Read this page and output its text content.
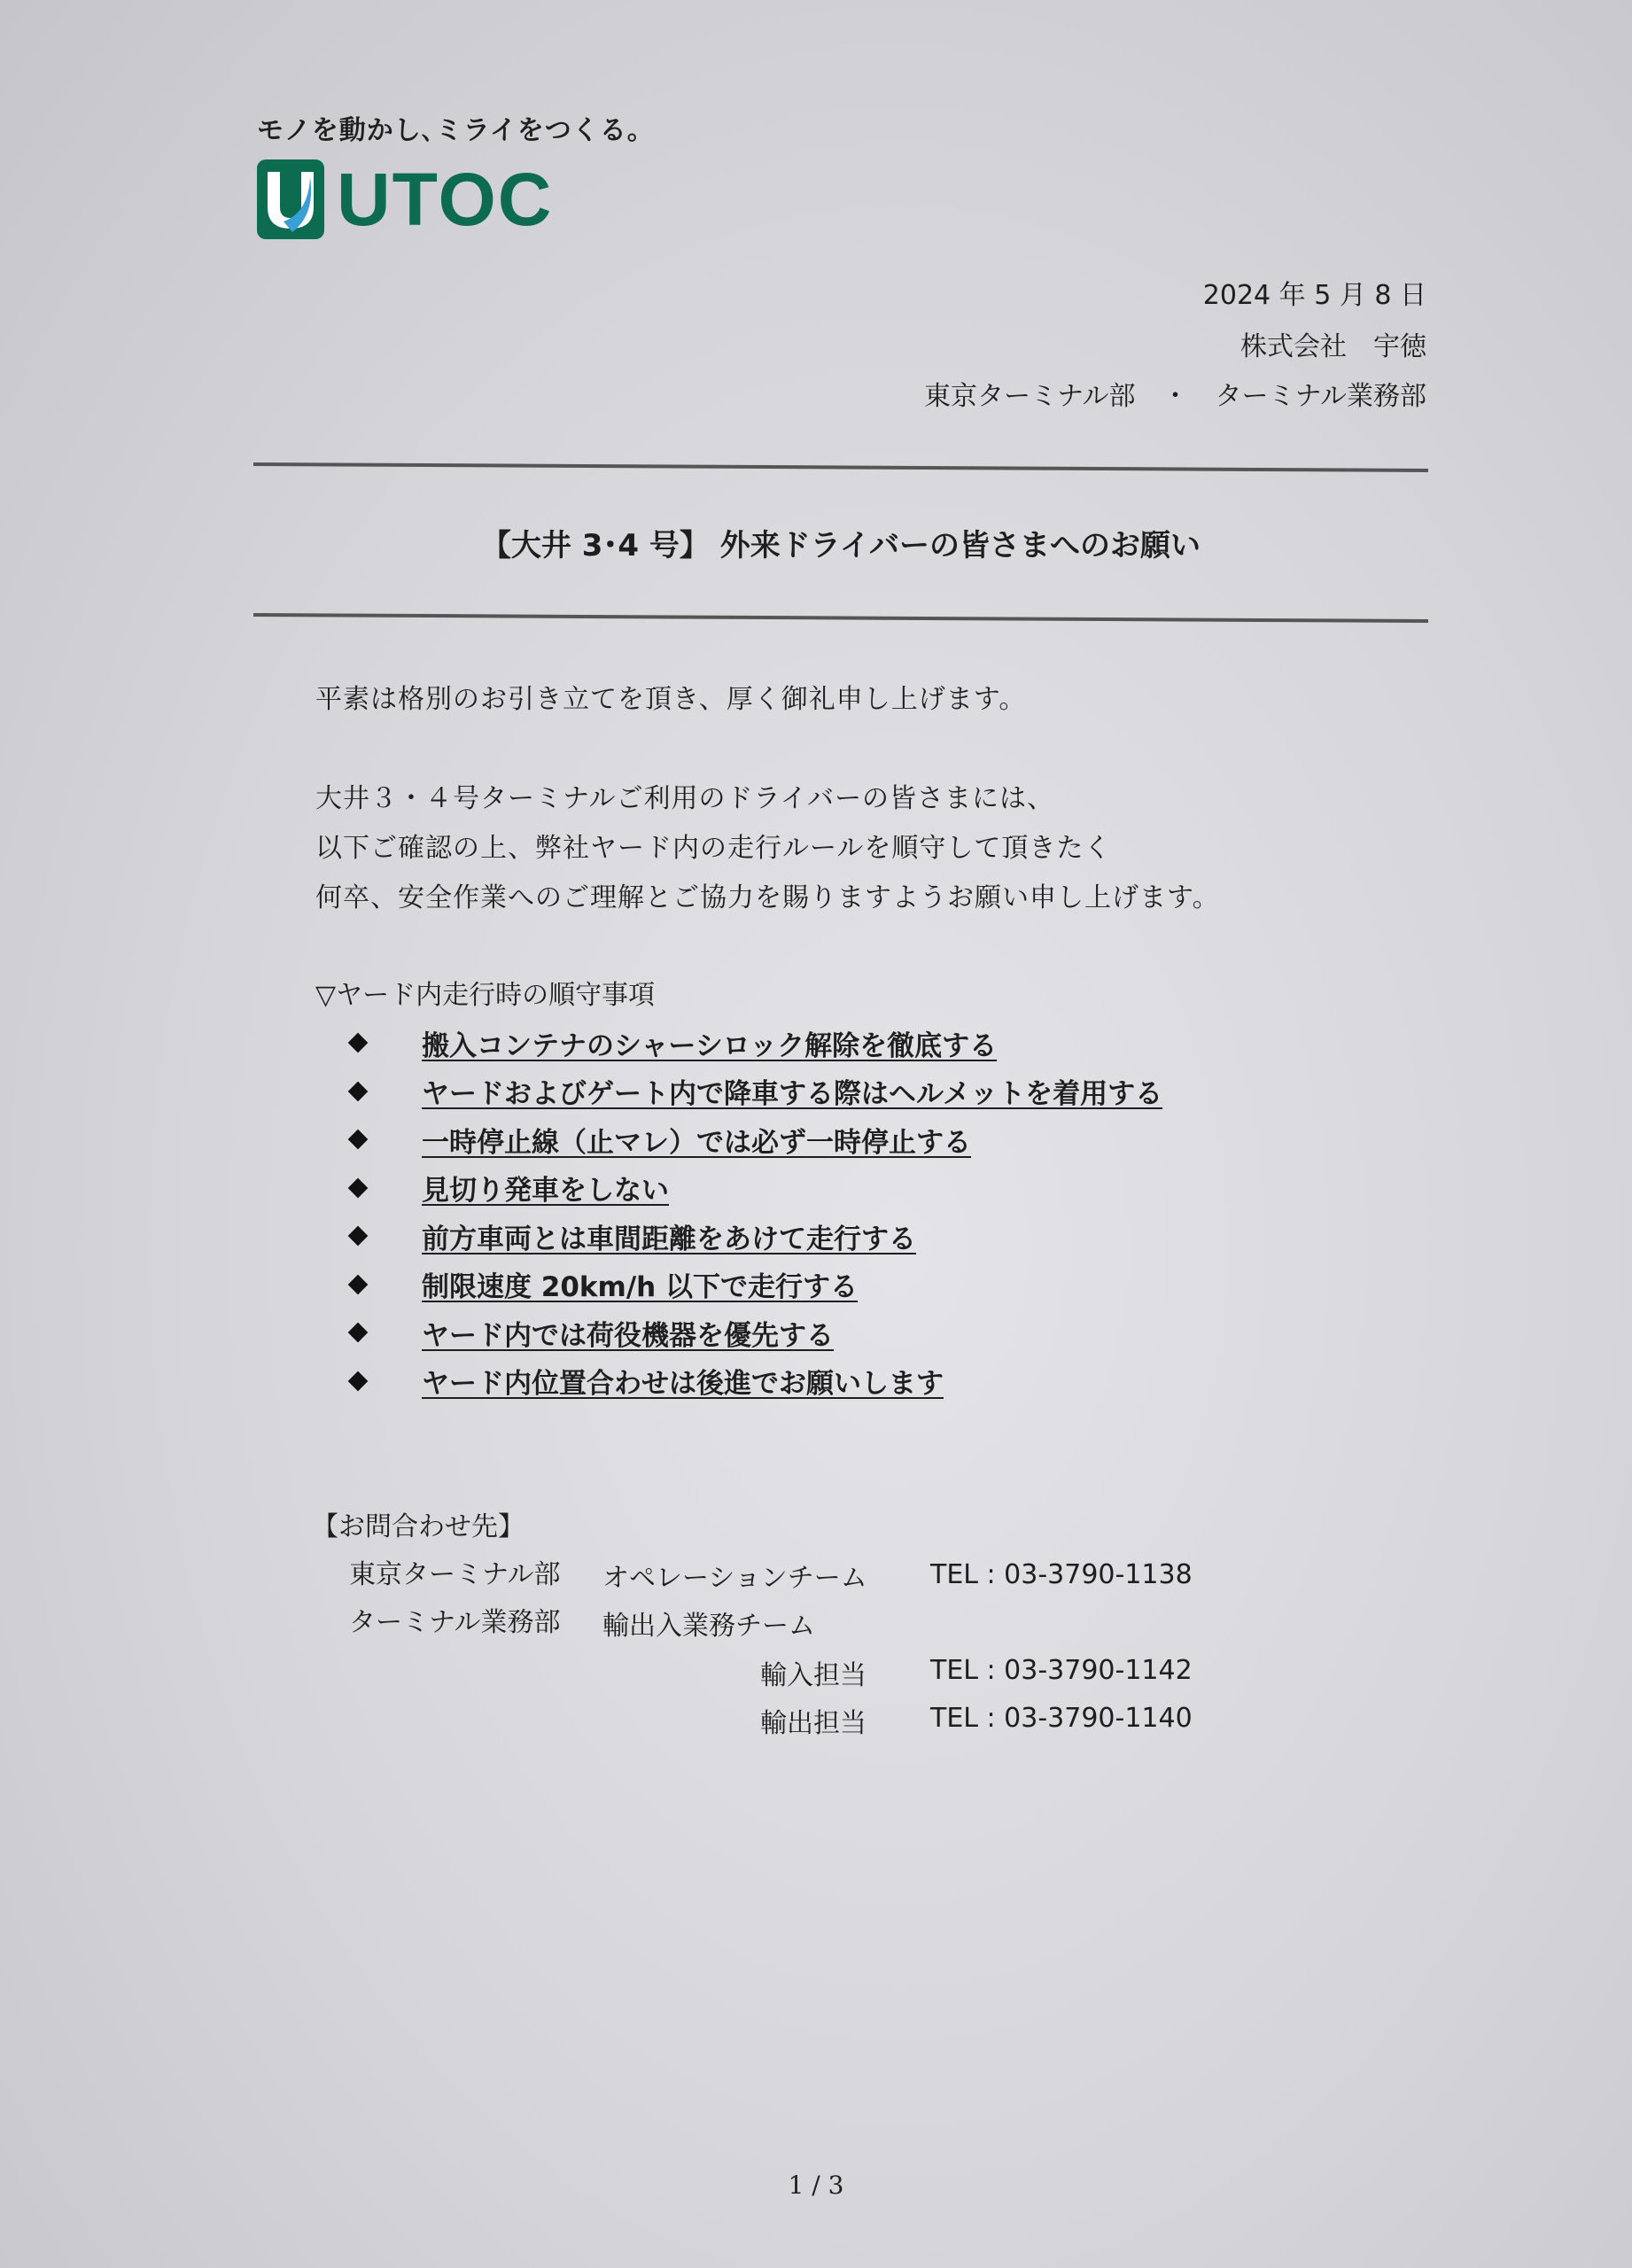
モノを動かし､ミライをつくる｡
UTOC
2024 年 5 月 8 日
株式会社　宇徳
東京ターミナル部　・　ターミナル業務部
【大井 3･4 号】 外来ドライバーの皆さまへのお願い
平素は格別のお引き立てを頂き、厚く御礼申し上げます。
大井３・４号ターミナルご利用のドライバーの皆さまには、
以下ご確認の上、弊社ヤード内の走行ルールを順守して頂きたく
何卒、安全作業へのご理解とご協力を賜りますようお願い申し上げます。
▽ヤード内走行時の順守事項
搬入コンテナのシャーシロック解除を徹底する
ヤードおよびゲート内で降車する際はヘルメットを着用する
一時停止線（止マレ）では必ず一時停止する
見切り発車をしない
前方車両とは車間距離をあけて走行する
制限速度 20km/h 以下で走行する
ヤード内では荷役機器を優先する
ヤード内位置合わせは後進でお願いします
【お問合わせ先】
東京ターミナル部 オペレーションチーム TEL : 03-3790-1138
ターミナル業務部 輸出入業務チーム
輸入担当 TEL : 03-3790-1142
輸出担当 TEL : 03-3790-1140
1 / 3
